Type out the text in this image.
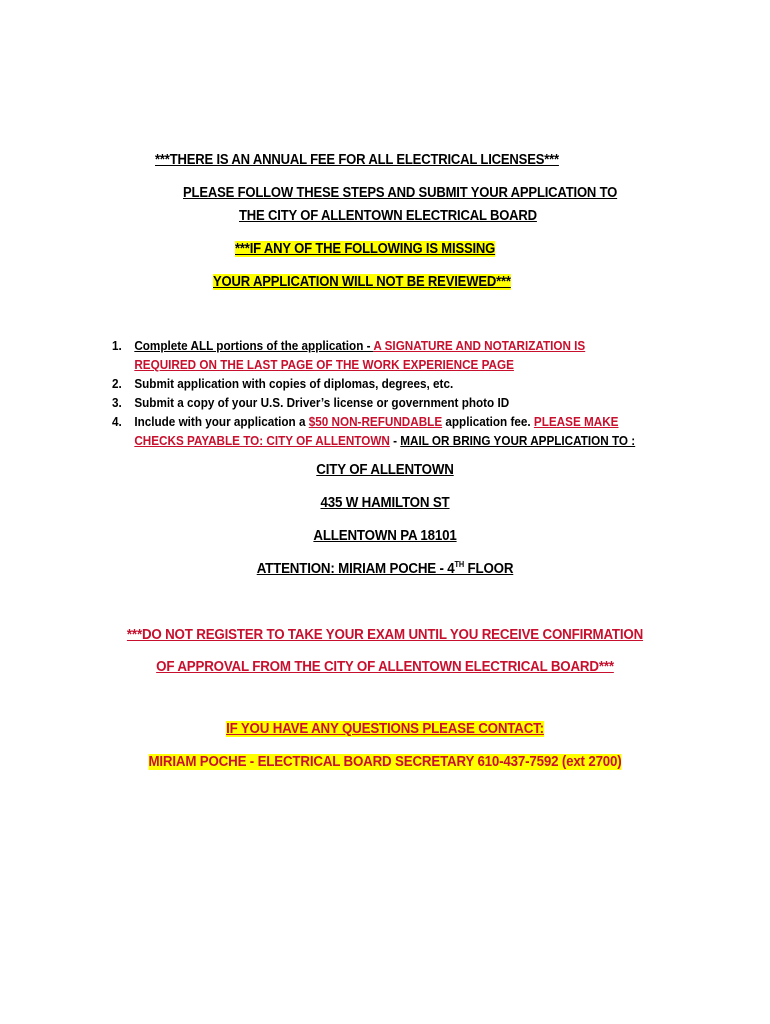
***THERE IS AN ANNUAL FEE FOR ALL ELECTRICAL LICENSES***
PLEASE FOLLOW THESE STEPS AND SUBMIT YOUR APPLICATION TO
THE CITY OF ALLENTOWN ELECTRICAL BOARD
***IF ANY OF THE FOLLOWING IS MISSING
YOUR APPLICATION WILL NOT BE REVIEWED***
1. Complete ALL portions of the application - A SIGNATURE AND NOTARIZATION IS
REQUIRED ON THE LAST PAGE OF THE WORK EXPERIENCE PAGE
2. Submit application with copies of diplomas, degrees, etc.
3. Submit a copy of your U.S. Driver’s license or government photo ID
4. Include with your application a $50 NON-REFUNDABLE application fee. PLEASE MAKE
CHECKS PAYABLE TO: CITY OF ALLENTOWN - MAIL OR BRING YOUR APPLICATION TO :
CITY OF ALLENTOWN
435 W HAMILTON ST
ALLENTOWN PA 18101
ATTENTION: MIRIAM POCHE - 4TH FLOOR
***DO NOT REGISTER TO TAKE YOUR EXAM UNTIL YOU RECEIVE CONFIRMATION
OF APPROVAL FROM THE CITY OF ALLENTOWN ELECTRICAL BOARD***
IF YOU HAVE ANY QUESTIONS PLEASE CONTACT:
MIRIAM POCHE - ELECTRICAL BOARD SECRETARY 610-437-7592 (ext 2700)
